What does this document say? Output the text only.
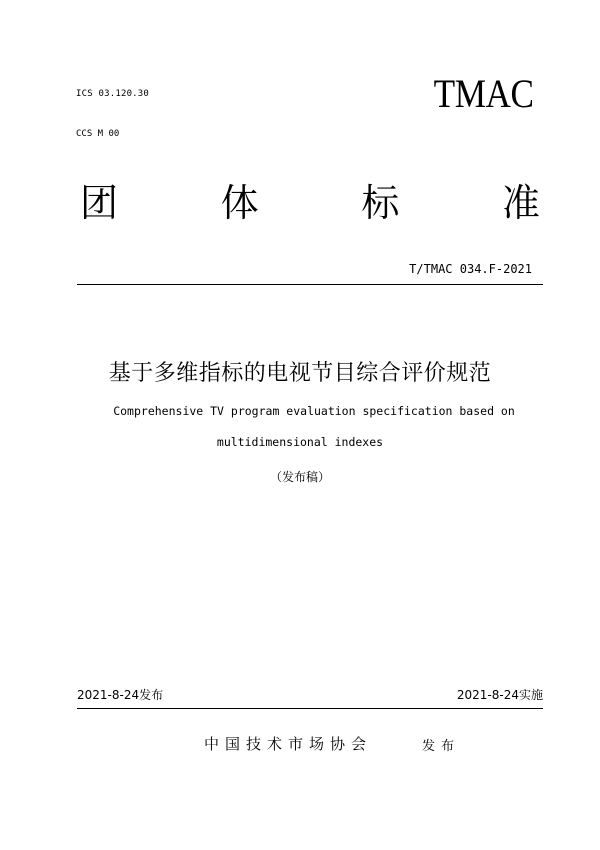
ICS 03.120.30
CCS M 00
TMAC
团	体	标	准
T/TMAC 034.F-2021
基于多维指标的电视节目综合评价规范
Comprehensive TV program evaluation specification based on
multidimensional indexes
（发布稿）
2021-8-24发布	2021-8-24实施
中国技术市场协会	发布
